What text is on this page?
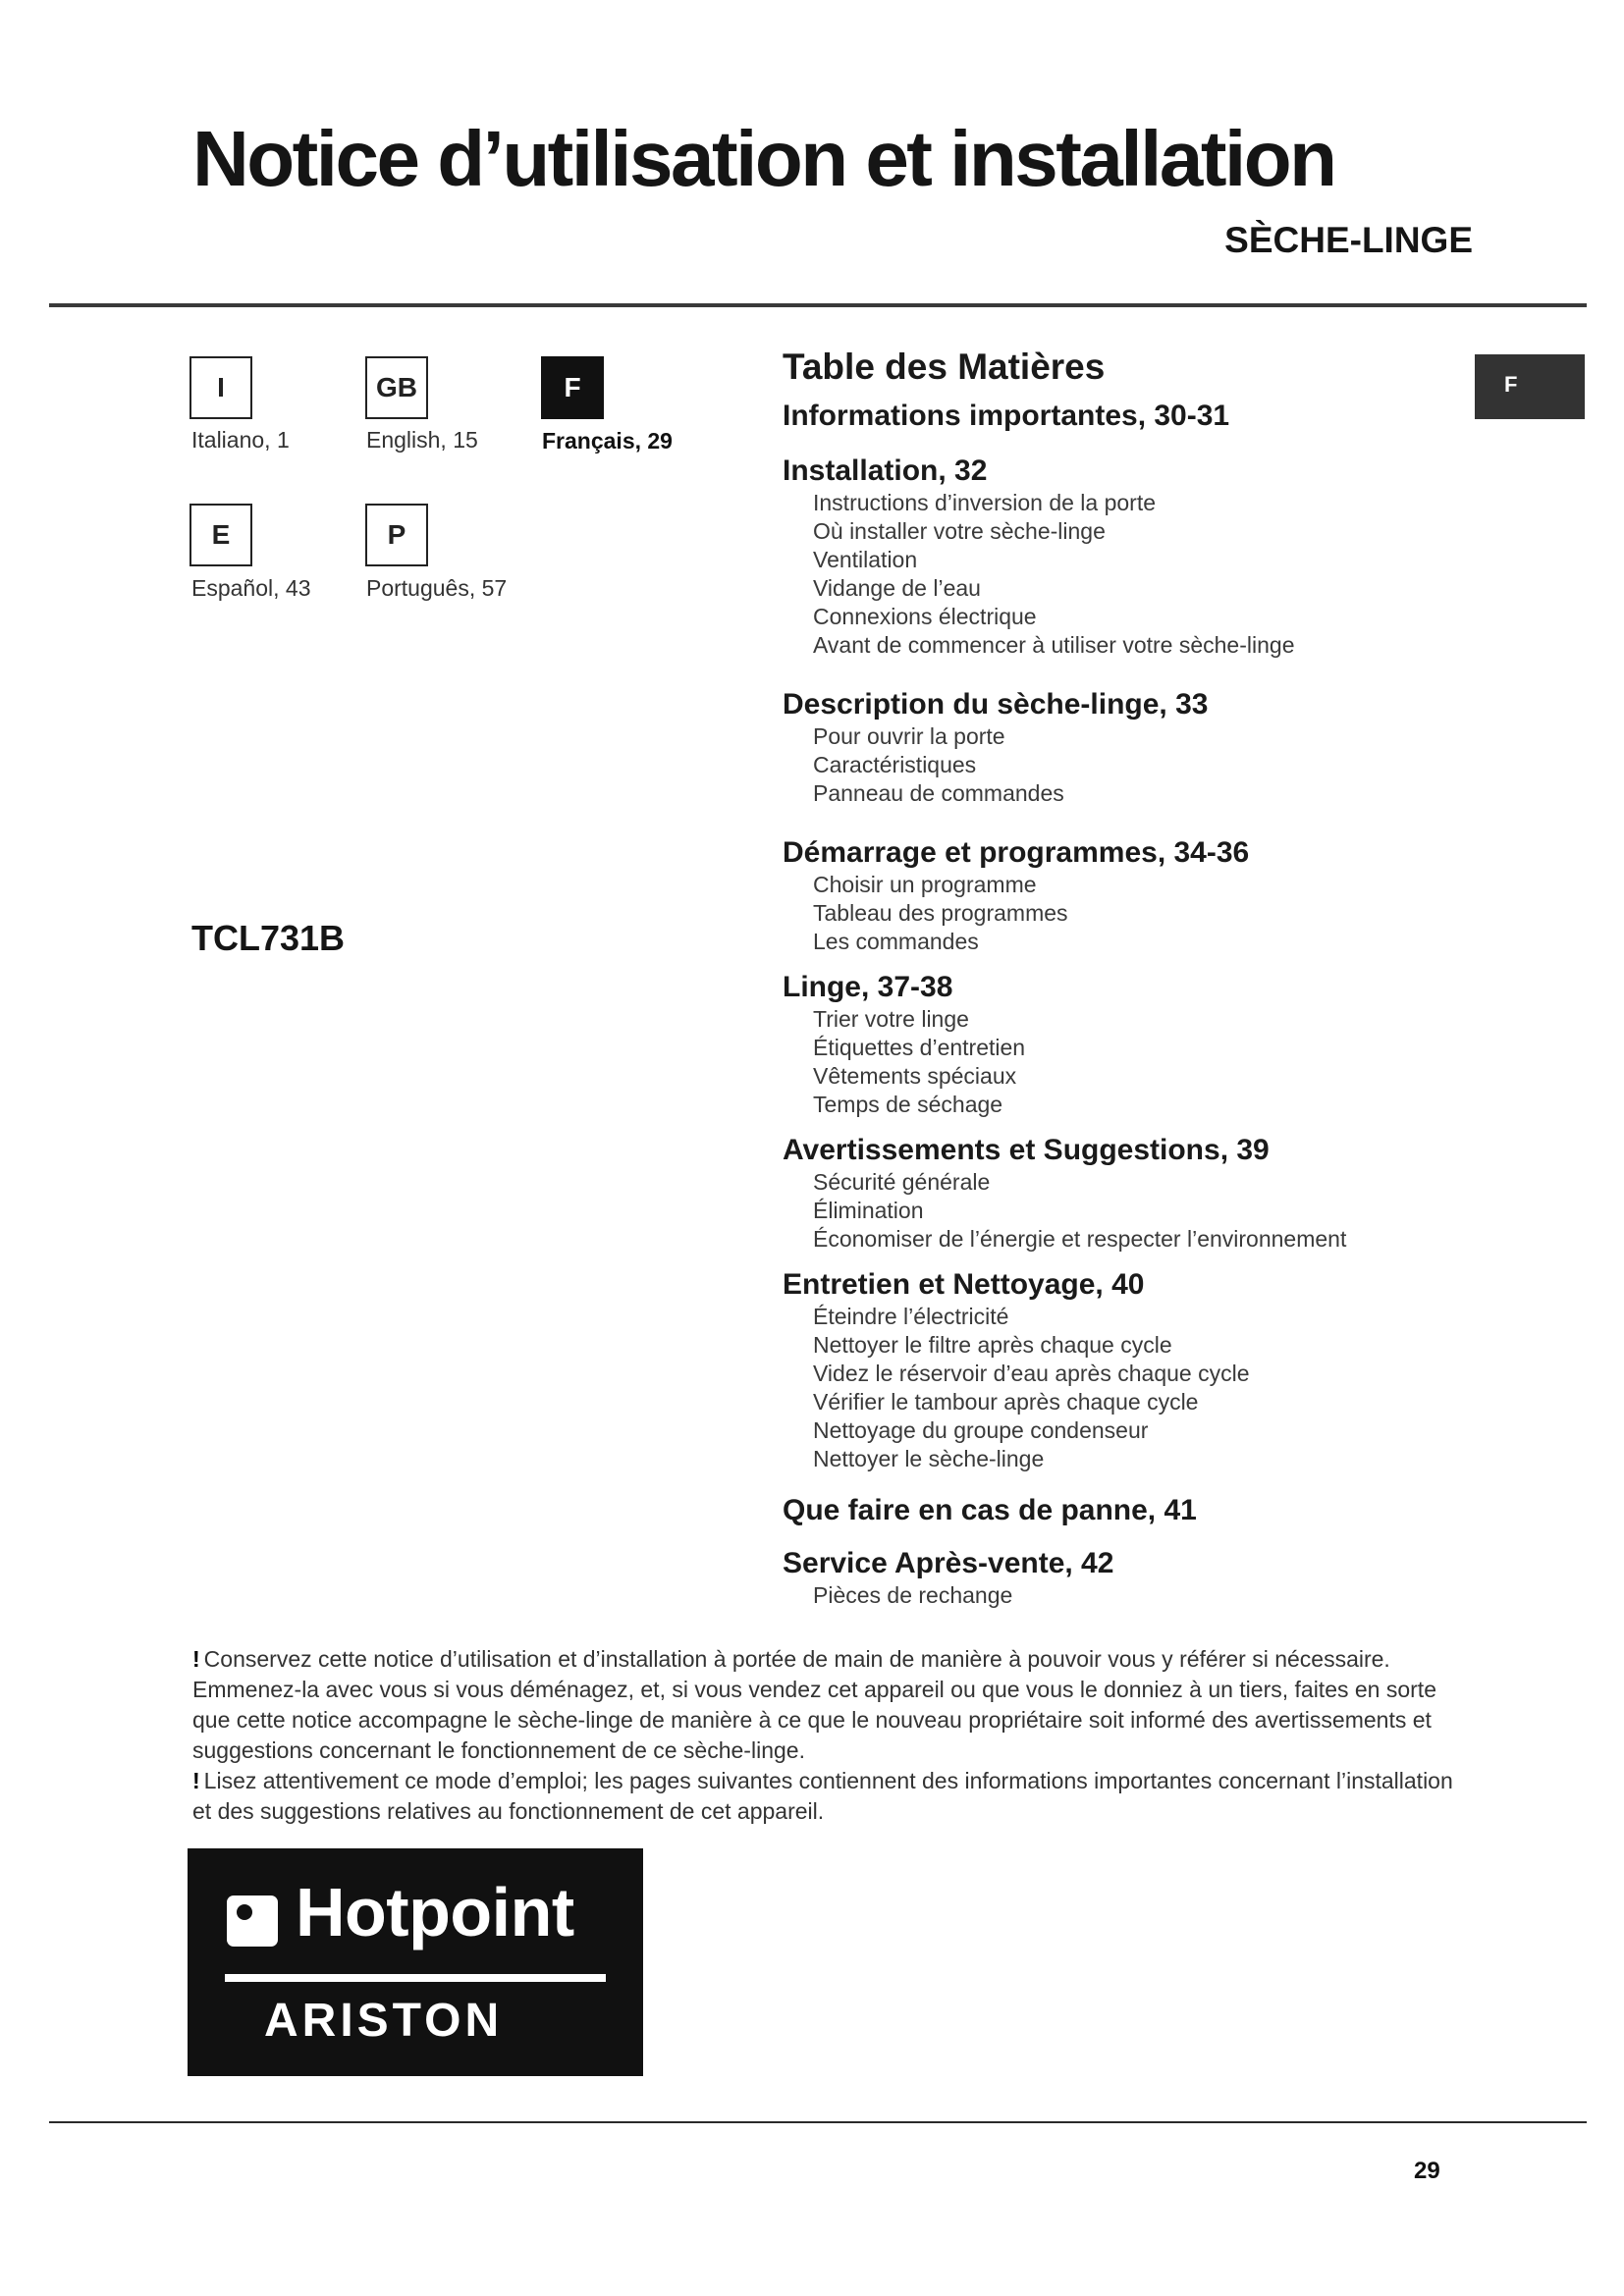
Notice d’utilisation et installation
SÈCHE-LINGE
I
Italiano, 1
GB
English, 15
F
Français, 29
E
Español, 43
P
Português, 57
TCL731B
F
Table des Matières
Informations importantes, 30-31
Installation, 32
Instructions d’inversion de la porte
Où installer votre sèche-linge
Ventilation
Vidange de l’eau
Connexions électrique
Avant de commencer à utiliser votre sèche-linge
Description du sèche-linge, 33
Pour ouvrir la porte
Caractéristiques
Panneau de commandes
Démarrage et programmes, 34-36
Choisir un programme
Tableau des programmes
Les commandes
Linge, 37-38
Trier votre linge
Étiquettes d’entretien
Vêtements spéciaux
Temps de séchage
Avertissements et Suggestions, 39
Sécurité générale
Élimination
Économiser de l’énergie et respecter l’environnement
Entretien et Nettoyage, 40
Éteindre l’électricité
Nettoyer le filtre après chaque cycle
Videz le réservoir d’eau après chaque cycle
Vérifier le tambour après chaque cycle
Nettoyage du groupe condenseur
Nettoyer le sèche-linge
Que faire en cas de panne, 41
Service Après-vente, 42
Pièces de rechange

! Conservez cette notice d’utilisation et d’installation à portée de main de manière à pouvoir vous y référer si nécessaire. Emmenez-la avec vous si vous déménagez, et, si vous vendez cet appareil ou que vous le donniez à un tiers, faites en sorte que cette notice accompagne le sèche-linge de manière à ce que le nouveau propriétaire soit informé des avertissements et suggestions concernant le fonctionnement de ce sèche-linge.

! Lisez attentivement ce mode d’emploi; les pages suivantes contiennent des informations importantes concernant l’installation et des suggestions relatives au fonctionnement de cet appareil.

Hotpoint
ARISTON
29
